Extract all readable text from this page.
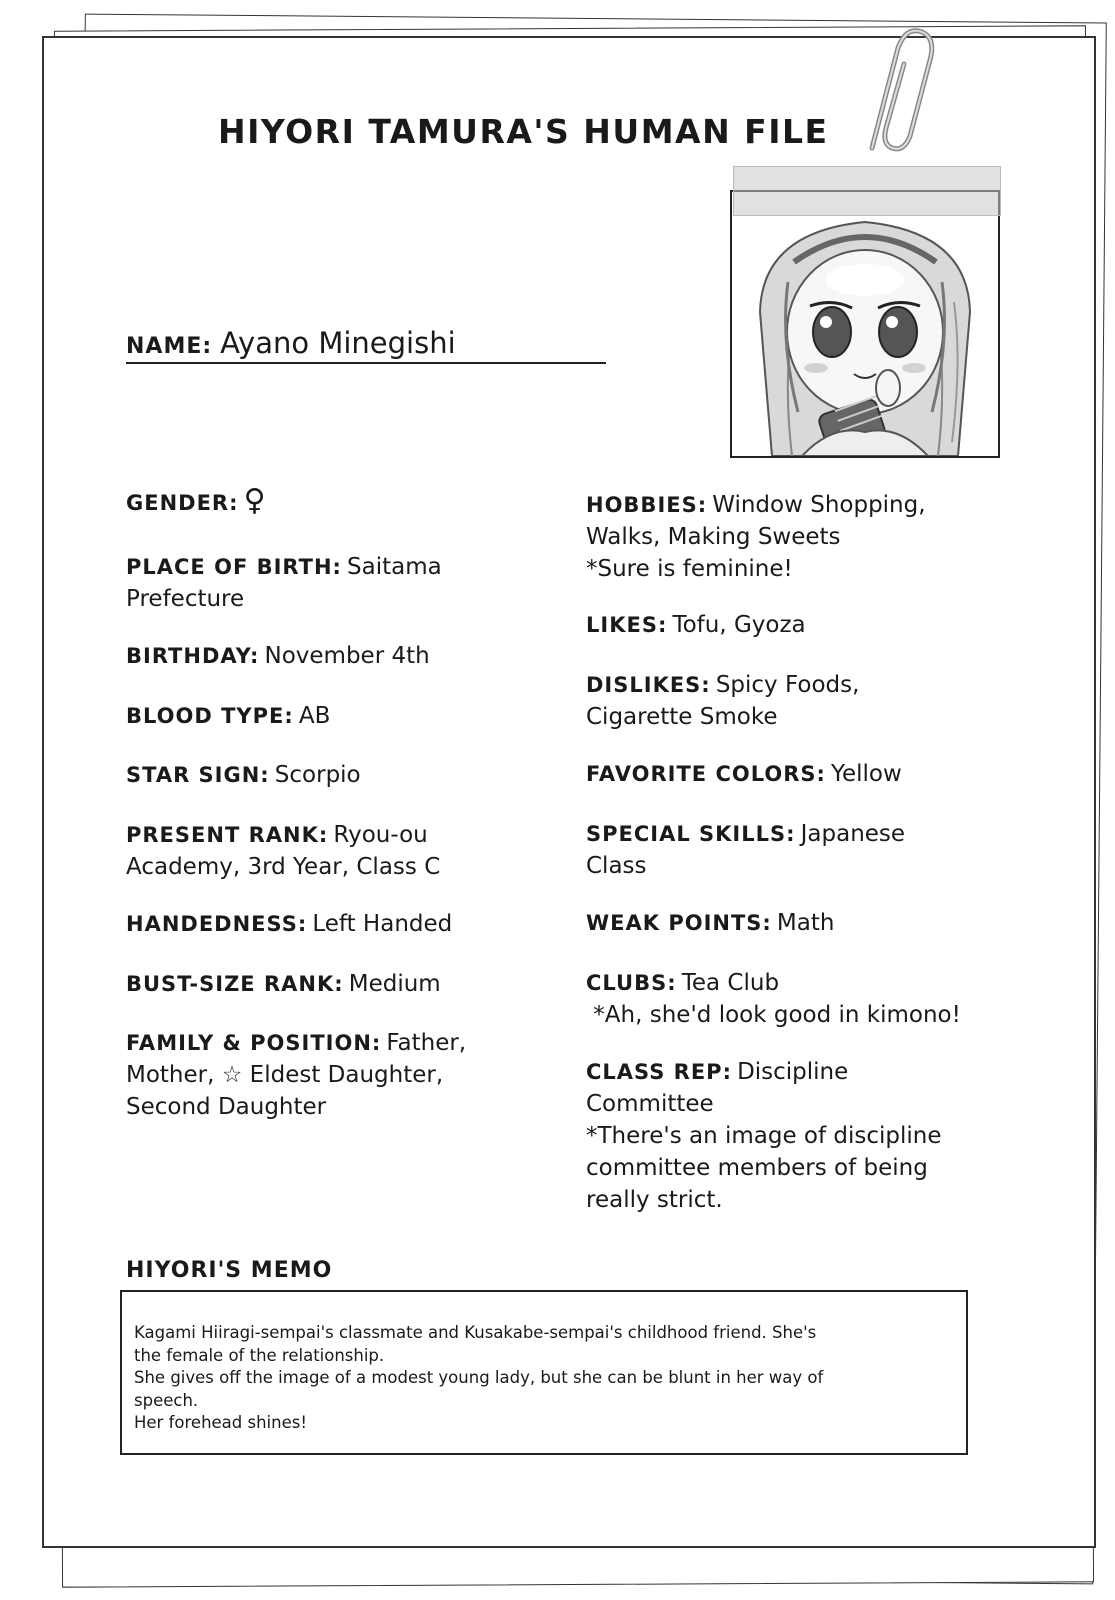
HIYORI TAMURA'S HUMAN FILE
NAME: Ayano Minegishi
GENDER: ♀
PLACE OF BIRTH: Saitama
Prefecture
BIRTHDAY: November 4th
BLOOD TYPE: AB
STAR SIGN: Scorpio
PRESENT RANK: Ryou-ou
Academy, 3rd Year, Class C
HANDEDNESS: Left Handed
BUST-SIZE RANK: Medium
FAMILY & POSITION: Father,
Mother, ☆ Eldest Daughter,
Second Daughter
HOBBIES: Window Shopping,
Walks, Making Sweets
*Sure is feminine!
LIKES: Tofu, Gyoza
DISLIKES: Spicy Foods,
Cigarette Smoke
FAVORITE COLORS: Yellow
SPECIAL SKILLS: Japanese
Class
WEAK POINTS: Math
CLUBS: Tea Club
*Ah, she'd look good in kimono!
CLASS REP: Discipline
Committee
*There's an image of discipline
committee members of being
really strict.
HIYORI'S MEMO
Kagami Hiiragi-sempai's classmate and Kusakabe-sempai's childhood friend. She's
the female of the relationship.
She gives off the image of a modest young lady, but she can be blunt in her way of
speech.
Her forehead shines!
